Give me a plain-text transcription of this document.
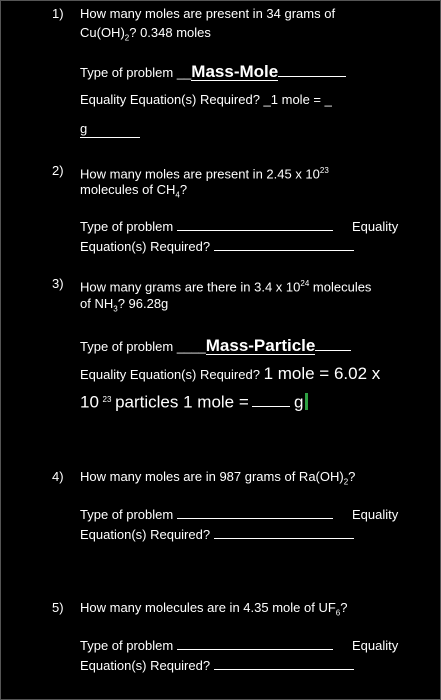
1) How many moles are present in 34 grams of
$Cu(OH)_2$? 0.348 moles
Type of problem __Mass-Mole
Equality Equation(s) Required? _1 mole = _
g
2) How many moles are present in 2.45 x $10^{23}$
molecules of $CH_4$?
Type of problem	Equality
Equation(s) Required?
3) How many grams are there in 3.4 x $10^{24}$ molecules
of $NH_3$? 96.28g
Type of problem ____Mass-Particle
Equality Equation(s) Required? 1 mole = 6.02 x
10 $^{23}$ particles 1 mole =	g
4) How many moles are in 987 grams of $Ra(OH)_2$?
Type of problem	Equality
Equation(s) Required?
5) How many molecules are in 4.35 mole of $UF_6$?
Type of problem	Equality
Equation(s) Required?
